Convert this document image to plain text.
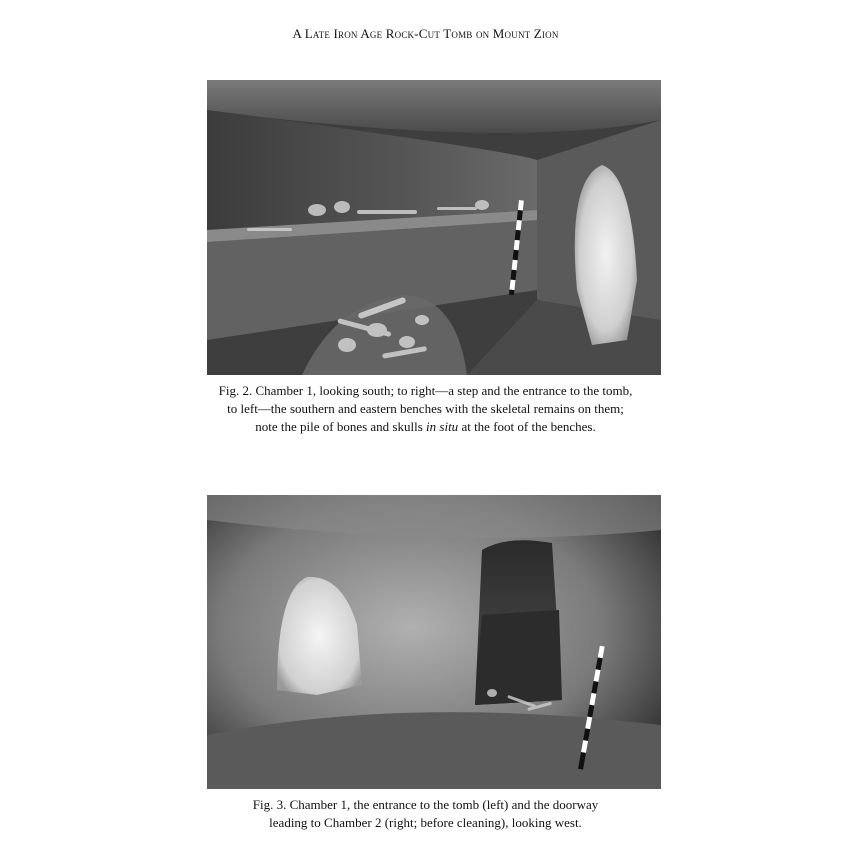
A Late Iron Age Rock-Cut Tomb on Mount Zion
Fig. 2. Chamber 1, looking south; to right—a step and the entrance to the tomb,
to left—the southern and eastern benches with the skeletal remains on them;
note the pile of bones and skulls in situ at the foot of the benches.
Fig. 3. Chamber 1, the entrance to the tomb (left) and the doorway
leading to Chamber 2 (right; before cleaning), looking west.
